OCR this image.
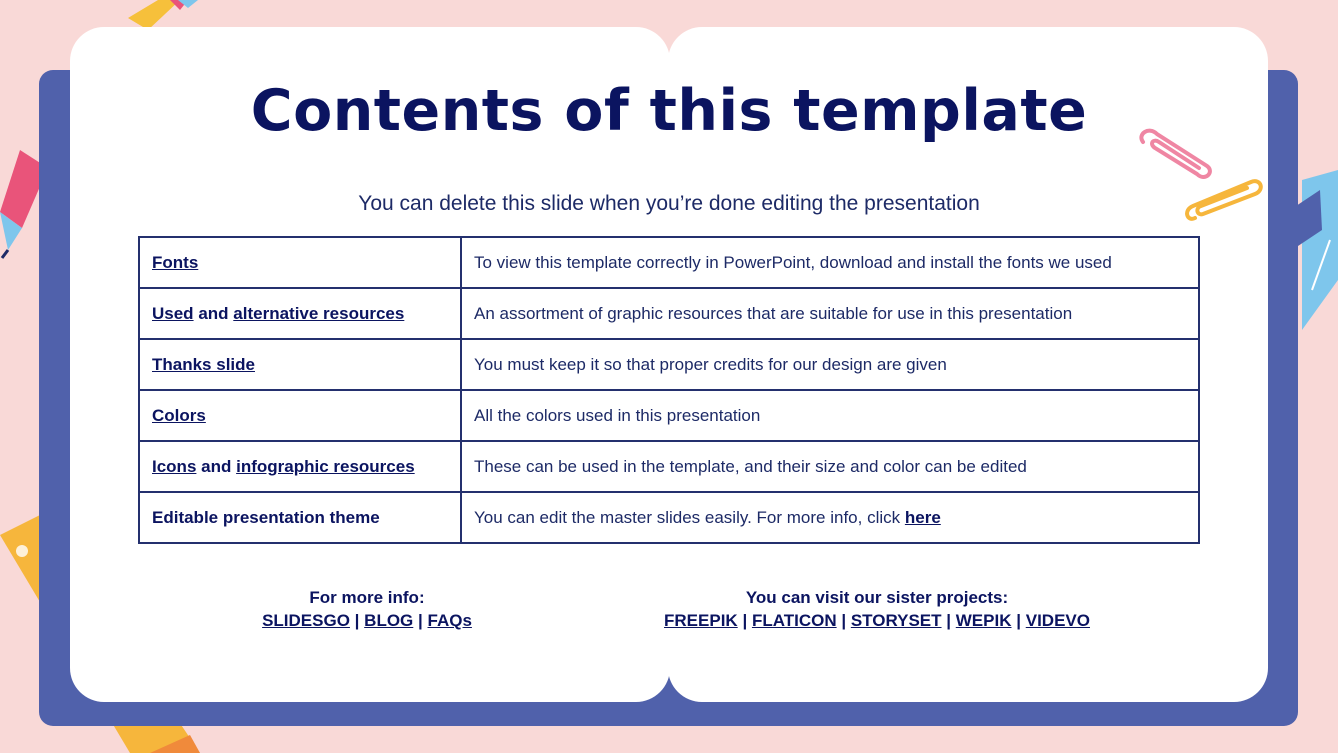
Contents of this template
You can delete this slide when you’re done editing the presentation
Fonts	To view this template correctly in PowerPoint, download and install the fonts we used
Used and alternative resources	An assortment of graphic resources that are suitable for use in this presentation
Thanks slide	You must keep it so that proper credits for our design are given
Colors	All the colors used in this presentation
Icons and infographic resources	These can be used in the template, and their size and color can be edited
Editable presentation theme	You can edit the master slides easily. For more info, click here
For more info:
SLIDESGO | BLOG | FAQs
You can visit our sister projects:
FREEPIK | FLATICON | STORYSET | WEPIK | VIDEVO
